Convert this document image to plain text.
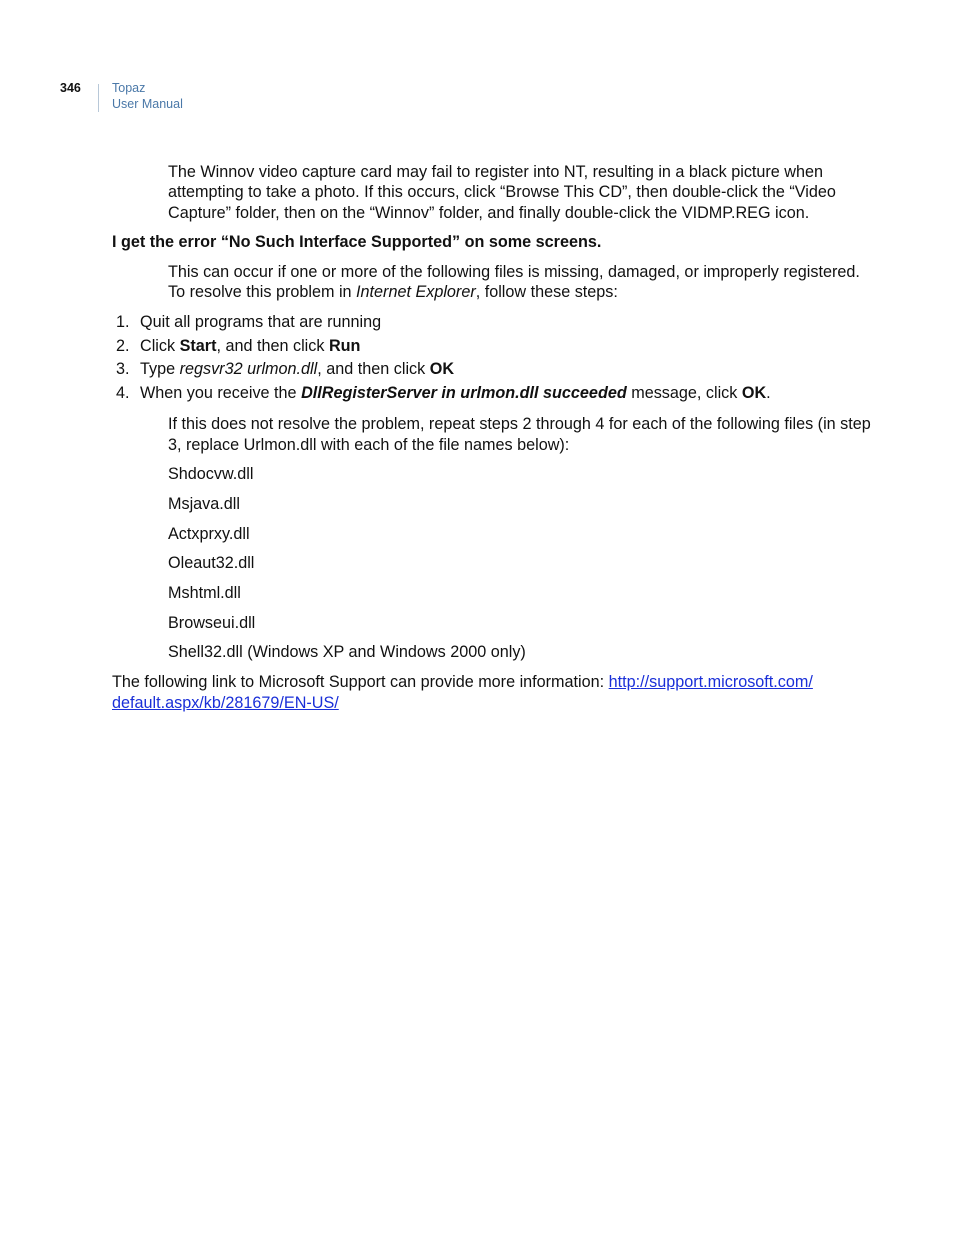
346 Topaz
User Manual

The Winnov video capture card may fail to register into NT, resulting in a black picture when attempting to take a photo. If this occurs, click “Browse This CD”, then double-click the “Video Capture” folder, then on the “Winnov” folder, and finally double-click the VIDMP.REG icon.

I get the error “No Such Interface Supported” on some screens.

This can occur if one or more of the following files is missing, damaged, or improperly registered. To resolve this problem in Internet Explorer, follow these steps:

1. Quit all programs that are running
2. Click Start, and then click Run
3. Type regsvr32 urlmon.dll, and then click OK
4. When you receive the DllRegisterServer in urlmon.dll succeeded message, click OK.

If this does not resolve the problem, repeat steps 2 through 4 for each of the following files (in step 3, replace Urlmon.dll with each of the file names below):

Shdocvw.dll

Msjava.dll

Actxprxy.dll

Oleaut32.dll

Mshtml.dll

Browseui.dll

Shell32.dll (Windows XP and Windows 2000 only)

The following link to Microsoft Support can provide more information: http://support.microsoft.com/
default.aspx/kb/281679/EN-US/
